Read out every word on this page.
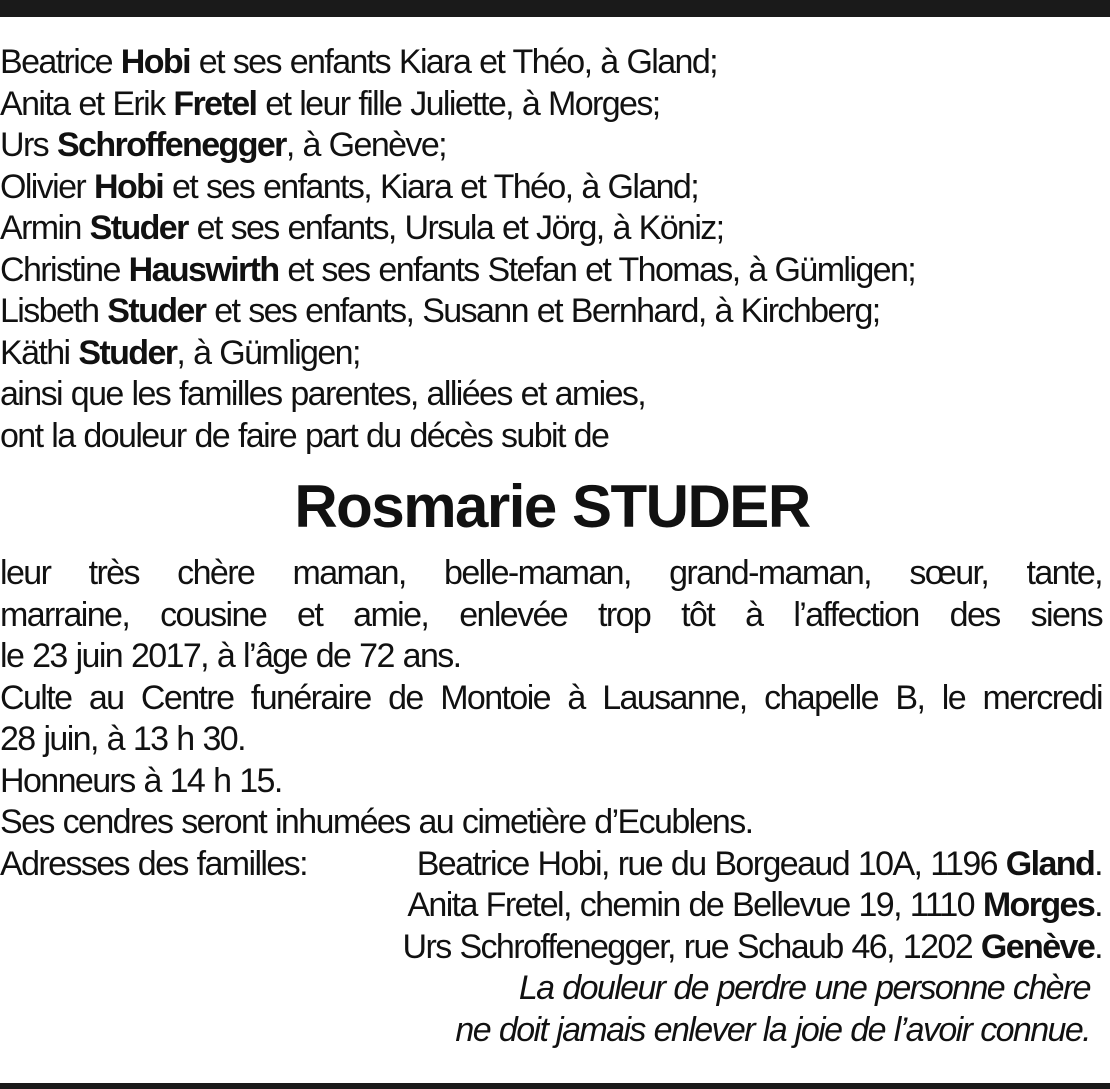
Beatrice Hobi et ses enfants Kiara et Théo, à Gland;
Anita et Erik Fretel et leur fille Juliette, à Morges;
Urs Schroffenegger, à Genève;
Olivier Hobi et ses enfants, Kiara et Théo, à Gland;
Armin Studer et ses enfants, Ursula et Jörg, à Köniz;
Christine Hauswirth et ses enfants Stefan et Thomas, à Gümligen;
Lisbeth Studer et ses enfants, Susann et Bernhard, à Kirchberg;
Käthi Studer, à Gümligen;
ainsi que les familles parentes, alliées et amies,
ont la douleur de faire part du décès subit de
Rosmarie STUDER
leur très chère maman, belle-maman, grand-maman, sœur, tante,
marraine, cousine et amie, enlevée trop tôt à l’affection des siens
le 23 juin 2017, à l’âge de 72 ans.
Culte au Centre funéraire de Montoie à Lausanne, chapelle B, le mercredi
28 juin, à 13 h 30.
Honneurs à 14 h 15.
Ses cendres seront inhumées au cimetière d’Ecublens.
Adresses des familles:	Beatrice Hobi, rue du Borgeaud 10A, 1196 Gland.
Anita Fretel, chemin de Bellevue 19, 1110 Morges.
Urs Schroffenegger, rue Schaub 46, 1202 Genève.
La douleur de perdre une personne chère
ne doit jamais enlever la joie de l’avoir connue.
